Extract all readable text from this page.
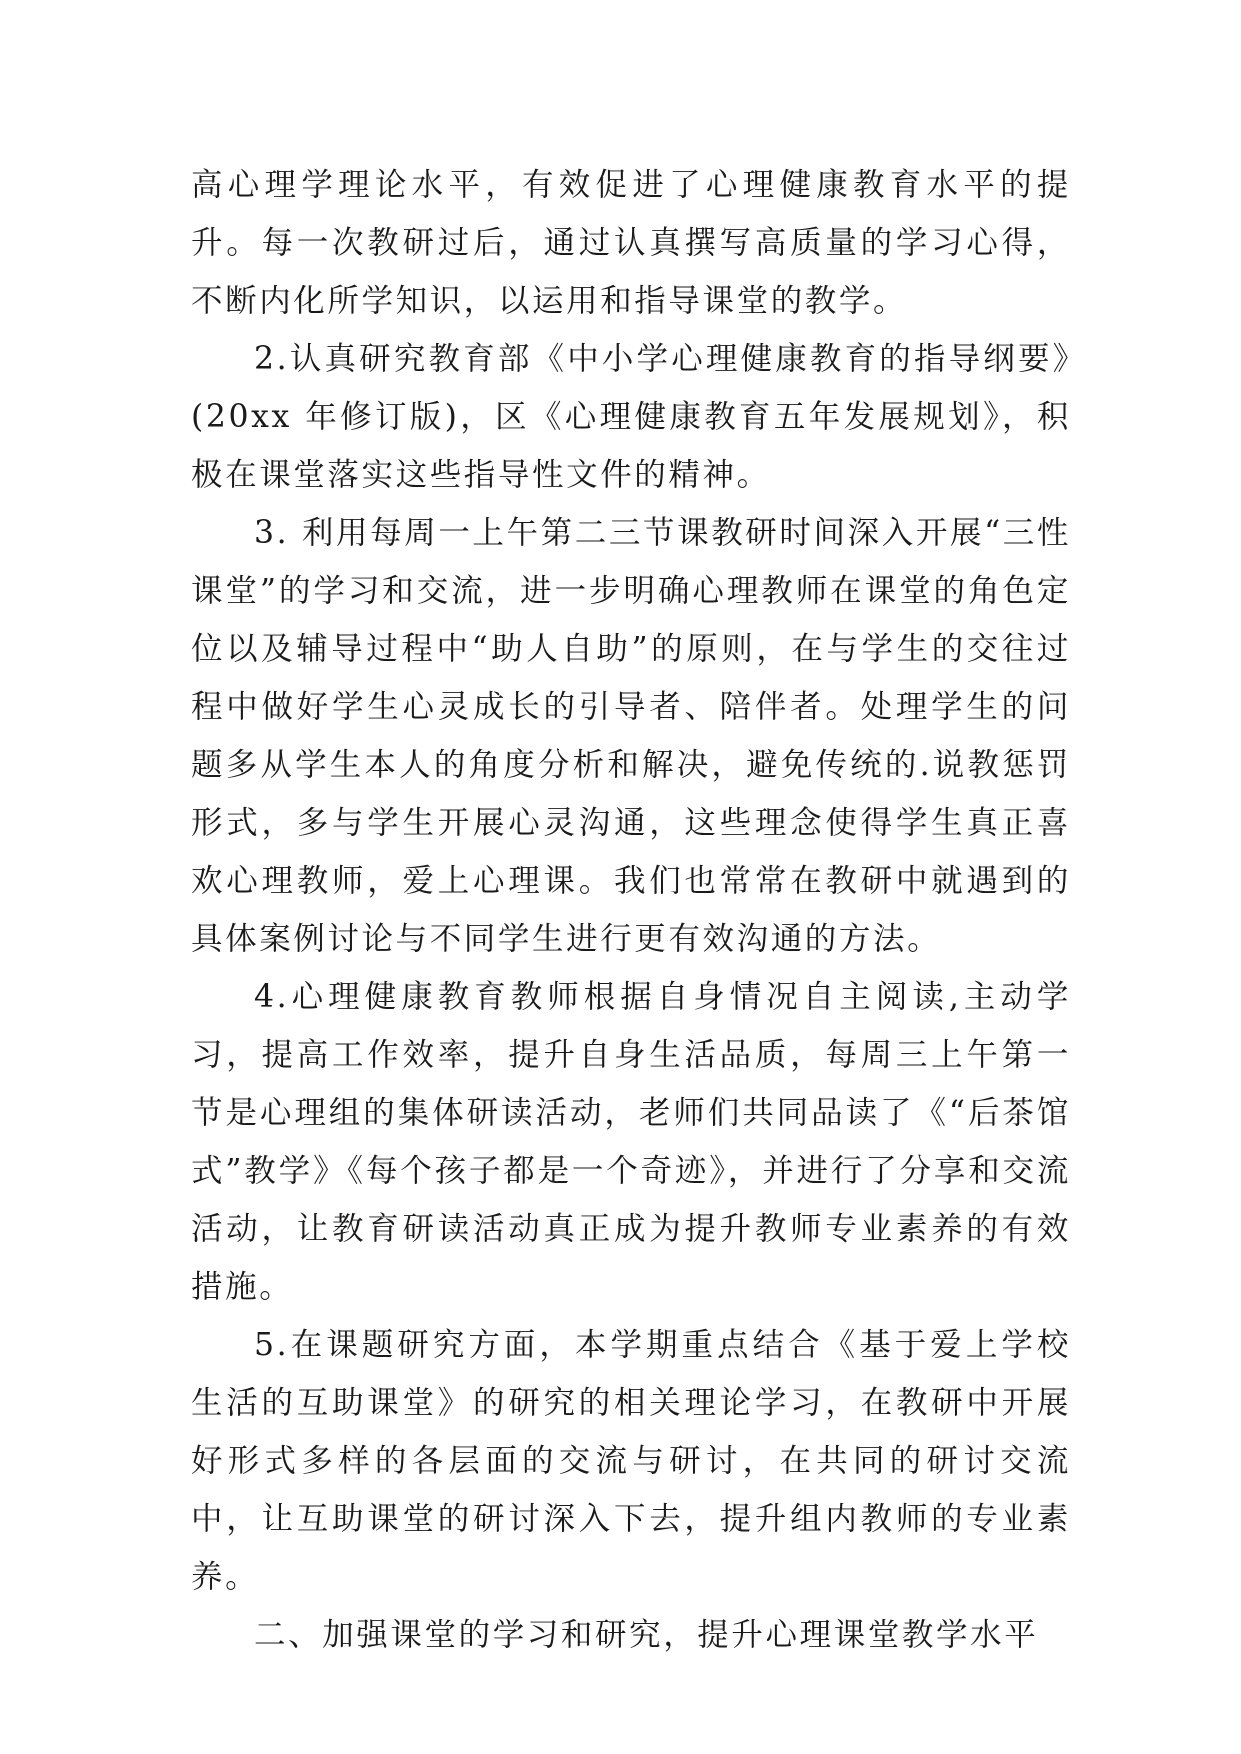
高心理学理论水平，有效促进了心理健康教育水平的提升。每一次教研过后，通过认真撰写高质量的学习心得，不断内化所学知识，以运用和指导课堂的教学。

2.认真研究教育部《中小学心理健康教育的指导纲要》(20xx 年修订版)，区《心理健康教育五年发展规划》，积极在课堂落实这些指导性文件的精神。

3. 利用每周一上午第二三节课教研时间深入开展“三性课堂”的学习和交流，进一步明确心理教师在课堂的角色定位以及辅导过程中“助人自助”的原则，在与学生的交往过程中做好学生心灵成长的引导者、陪伴者。处理学生的问题多从学生本人的角度分析和解决，避免传统的.说教惩罚形式，多与学生开展心灵沟通，这些理念使得学生真正喜欢心理教师，爱上心理课。我们也常常在教研中就遇到的具体案例讨论与不同学生进行更有效沟通的方法。

4.心理健康教育教师根据自身情况自主阅读,主动学习，提高工作效率，提升自身生活品质，每周三上午第一节是心理组的集体研读活动，老师们共同品读了《“后茶馆式”教学》《每个孩子都是一个奇迹》，并进行了分享和交流活动，让教育研读活动真正成为提升教师专业素养的有效措施。

5.在课题研究方面，本学期重点结合《基于爱上学校生活的互助课堂》的研究的相关理论学习，在教研中开展好形式多样的各层面的交流与研讨，在共同的研讨交流中，让互助课堂的研讨深入下去，提升组内教师的专业素养。

二、加强课堂的学习和研究，提升心理课堂教学水平
